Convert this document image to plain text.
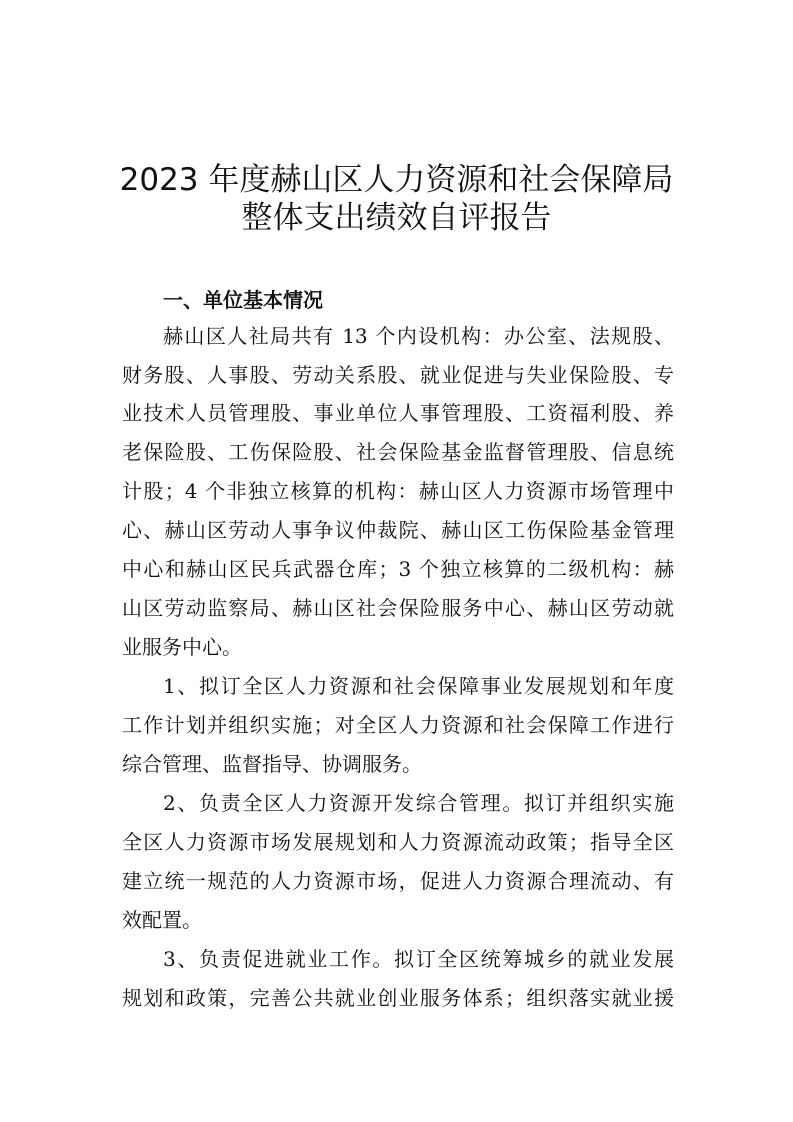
2023 年度赫山区人力资源和社会保障局
整体支出绩效自评报告
一、单位基本情况
赫山区人社局共有 13 个内设机构：办公室、法规股、
财务股、人事股、劳动关系股、就业促进与失业保险股、专
业技术人员管理股、事业单位人事管理股、工资福利股、养
老保险股、工伤保险股、社会保险基金监督管理股、信息统
计股；4 个非独立核算的机构：赫山区人力资源市场管理中
心、赫山区劳动人事争议仲裁院、赫山区工伤保险基金管理
中心和赫山区民兵武器仓库；3 个独立核算的二级机构：赫
山区劳动监察局、赫山区社会保险服务中心、赫山区劳动就
业服务中心。
1、拟订全区人力资源和社会保障事业发展规划和年度
工作计划并组织实施；对全区人力资源和社会保障工作进行
综合管理、监督指导、协调服务。
2、负责全区人力资源开发综合管理。拟订并组织实施
全区人力资源市场发展规划和人力资源流动政策；指导全区
建立统一规范的人力资源市场，促进人力资源合理流动、有
效配置。
3、负责促进就业工作。拟订全区统筹城乡的就业发展
规划和政策，完善公共就业创业服务体系；组织落实就业援
